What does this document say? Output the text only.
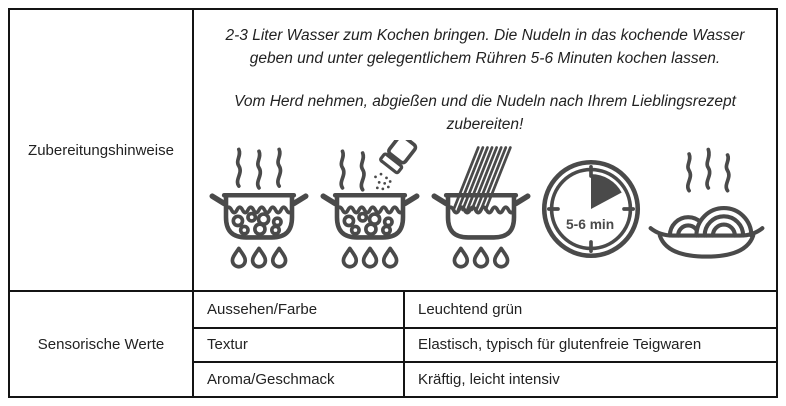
Zubereitungshinweise

2-3 Liter Wasser zum Kochen bringen. Die Nudeln in das kochende Wasser geben und unter gelegentlichem Rühren 5-6 Minuten kochen lassen.

Vom Herd nehmen, abgießen und die Nudeln nach Ihrem Lieblingsrezept zubereiten!

5-6 min
Sensorische Werte
Aussehen/Farbe	Leuchtend grün
Textur	Elastisch, typisch für glutenfreie Teigwaren
Aroma/Geschmack	Kräftig, leicht intensiv
